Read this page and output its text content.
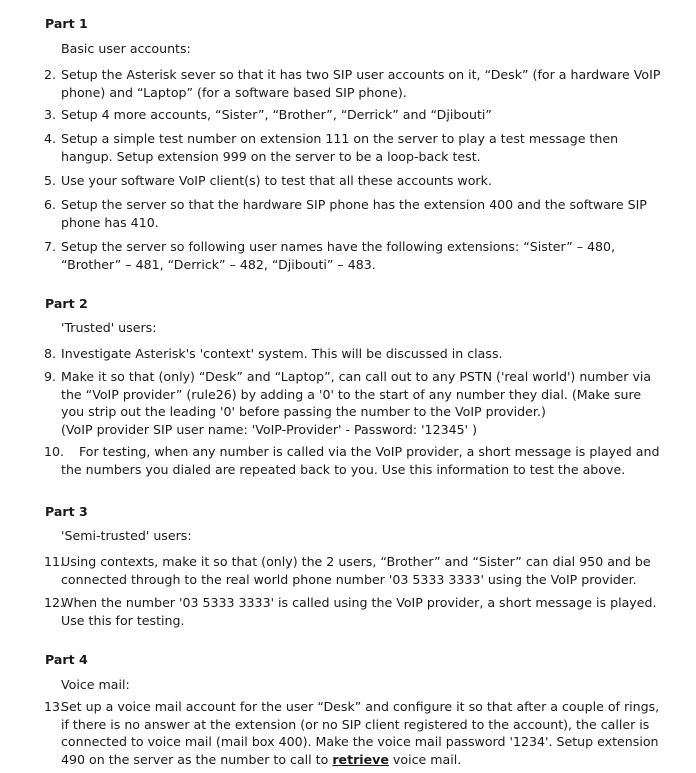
Part 1
Basic user accounts:
2. Setup the Asterisk sever so that it has two SIP user accounts on it, “Desk” (for a hardware VoIP phone) and “Laptop” (for a software based SIP phone).
3. Setup 4 more accounts, “Sister”, “Brother”, “Derrick” and “Djibouti”
4. Setup a simple test number on extension 111 on the server to play a test message then hangup. Setup extension 999 on the server to be a loop-back test.
5. Use your software VoIP client(s) to test that all these accounts work.
6. Setup the server so that the hardware SIP phone has the extension 400 and the software SIP phone has 410.
7. Setup the server so following user names have the following extensions: “Sister” – 480, “Brother” – 481, “Derrick” – 482, “Djibouti” – 483.
Part 2
'Trusted' users:
8. Investigate Asterisk's 'context' system. This will be discussed in class.
9. Make it so that (only) “Desk” and “Laptop”, can call out to any PSTN ('real world') number via the “VoIP provider” (rule26) by adding a '0' to the start of any number they dial. (Make sure you strip out the leading '0' before passing the number to the VoIP provider.)
(VoIP provider SIP user name: 'VoIP-Provider' - Password: '12345' )
10.	For testing, when any number is called via the VoIP provider, a short message is played and the numbers you dialed are repeated back to you. Use this information to test the above.
Part 3
'Semi-trusted' users:
11.
Using contexts, make it so that (only) the 2 users, “Brother” and “Sister” can dial 950 and be connected through to the real world phone number '03 5333 3333' using the VoIP provider.
12.
When the number '03 5333 3333' is called using the VoIP provider, a short message is played. Use this for testing.
Part 4
Voice mail:
13.
Set up a voice mail account for the user “Desk” and configure it so that after a couple of rings, if there is no answer at the extension (or no SIP client registered to the account), the caller is connected to voice mail (mail box 400). Make the voice mail password '1234'. Setup extension 490 on the server as the number to call to retrieve voice mail.
